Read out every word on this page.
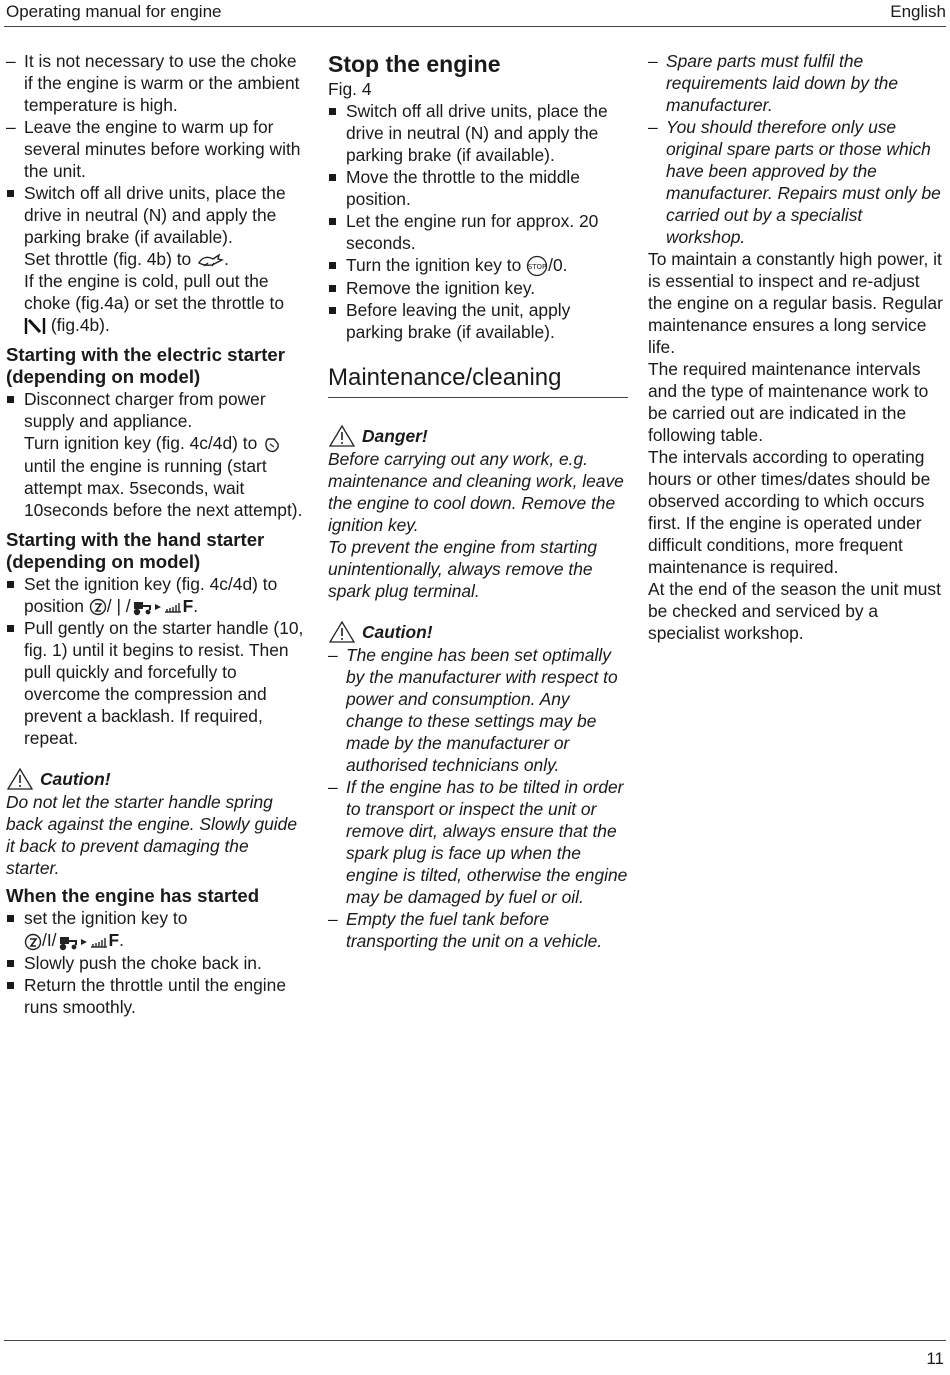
Operating manual for engine	English
– It is not necessary to use the choke if the engine is warm or the ambient temperature is high.
– Leave the engine to warm up for several minutes before working with the unit.
Switch off all drive units, place the drive in neutral (N) and apply the parking brake (if available).
Set throttle (fig. 4b) to .
If the engine is cold, pull out the choke (fig.4a) or set the throttle to  (fig.4b).
Starting with the electric starter (depending on model)
Disconnect charger from power supply and appliance.
Turn ignition key (fig. 4c/4d) to  until the engine is running (start attempt max. 5seconds, wait 10seconds before the next attempt).
Starting with the hand starter (depending on model)
Set the ignition key (fig. 4c/4d) to position / | /	F.
Pull gently on the starter handle (10, fig. 1) until it begins to resist. Then pull quickly and forcefully to overcome the compression and prevent a backlash. If required, repeat.
Caution!
Do not let the starter handle spring back against the engine. Slowly guide it back to prevent damaging the starter.
When the engine has started
set the ignition key to
/I/	F.
Slowly push the choke back in.
Return the throttle until the engine runs smoothly.
Stop the engine
Fig. 4
Switch off all drive units, place the drive in neutral (N) and apply the parking brake (if available).
Move the throttle to the middle position.
Let the engine run for approx. 20 seconds.
Turn the ignition key to STOP /0.
Remove the ignition key.
Before leaving the unit, apply parking brake (if available).
Maintenance/cleaning
Danger!
Before carrying out any work, e.g. maintenance and cleaning work, leave the engine to cool down. Remove the ignition key.
To prevent the engine from starting unintentionally, always remove the spark plug terminal.
Caution!
– The engine has been set optimally by the manufacturer with respect to power and consumption. Any change to these settings may be made by the manufacturer or authorised technicians only.
– If the engine has to be tilted in order to transport or inspect the unit or remove dirt, always ensure that the spark plug is face up when the engine is tilted, otherwise the engine may be damaged by fuel or oil.
– Empty the fuel tank before transporting the unit on a vehicle.
– Spare parts must fulfil the requirements laid down by the manufacturer.
– You should therefore only use original spare parts or those which have been approved by the manufacturer. Repairs must only be carried out by a specialist workshop.
To maintain a constantly high power, it is essential to inspect and re-adjust the engine on a regular basis. Regular maintenance ensures a long service life.
The required maintenance intervals and the type of maintenance work to be carried out are indicated in the following table.
The intervals according to operating hours or other times/dates should be observed according to which occurs first. If the engine is operated under difficult conditions, more frequent maintenance is required.
At the end of the season the unit must be checked and serviced by a specialist workshop.
11
